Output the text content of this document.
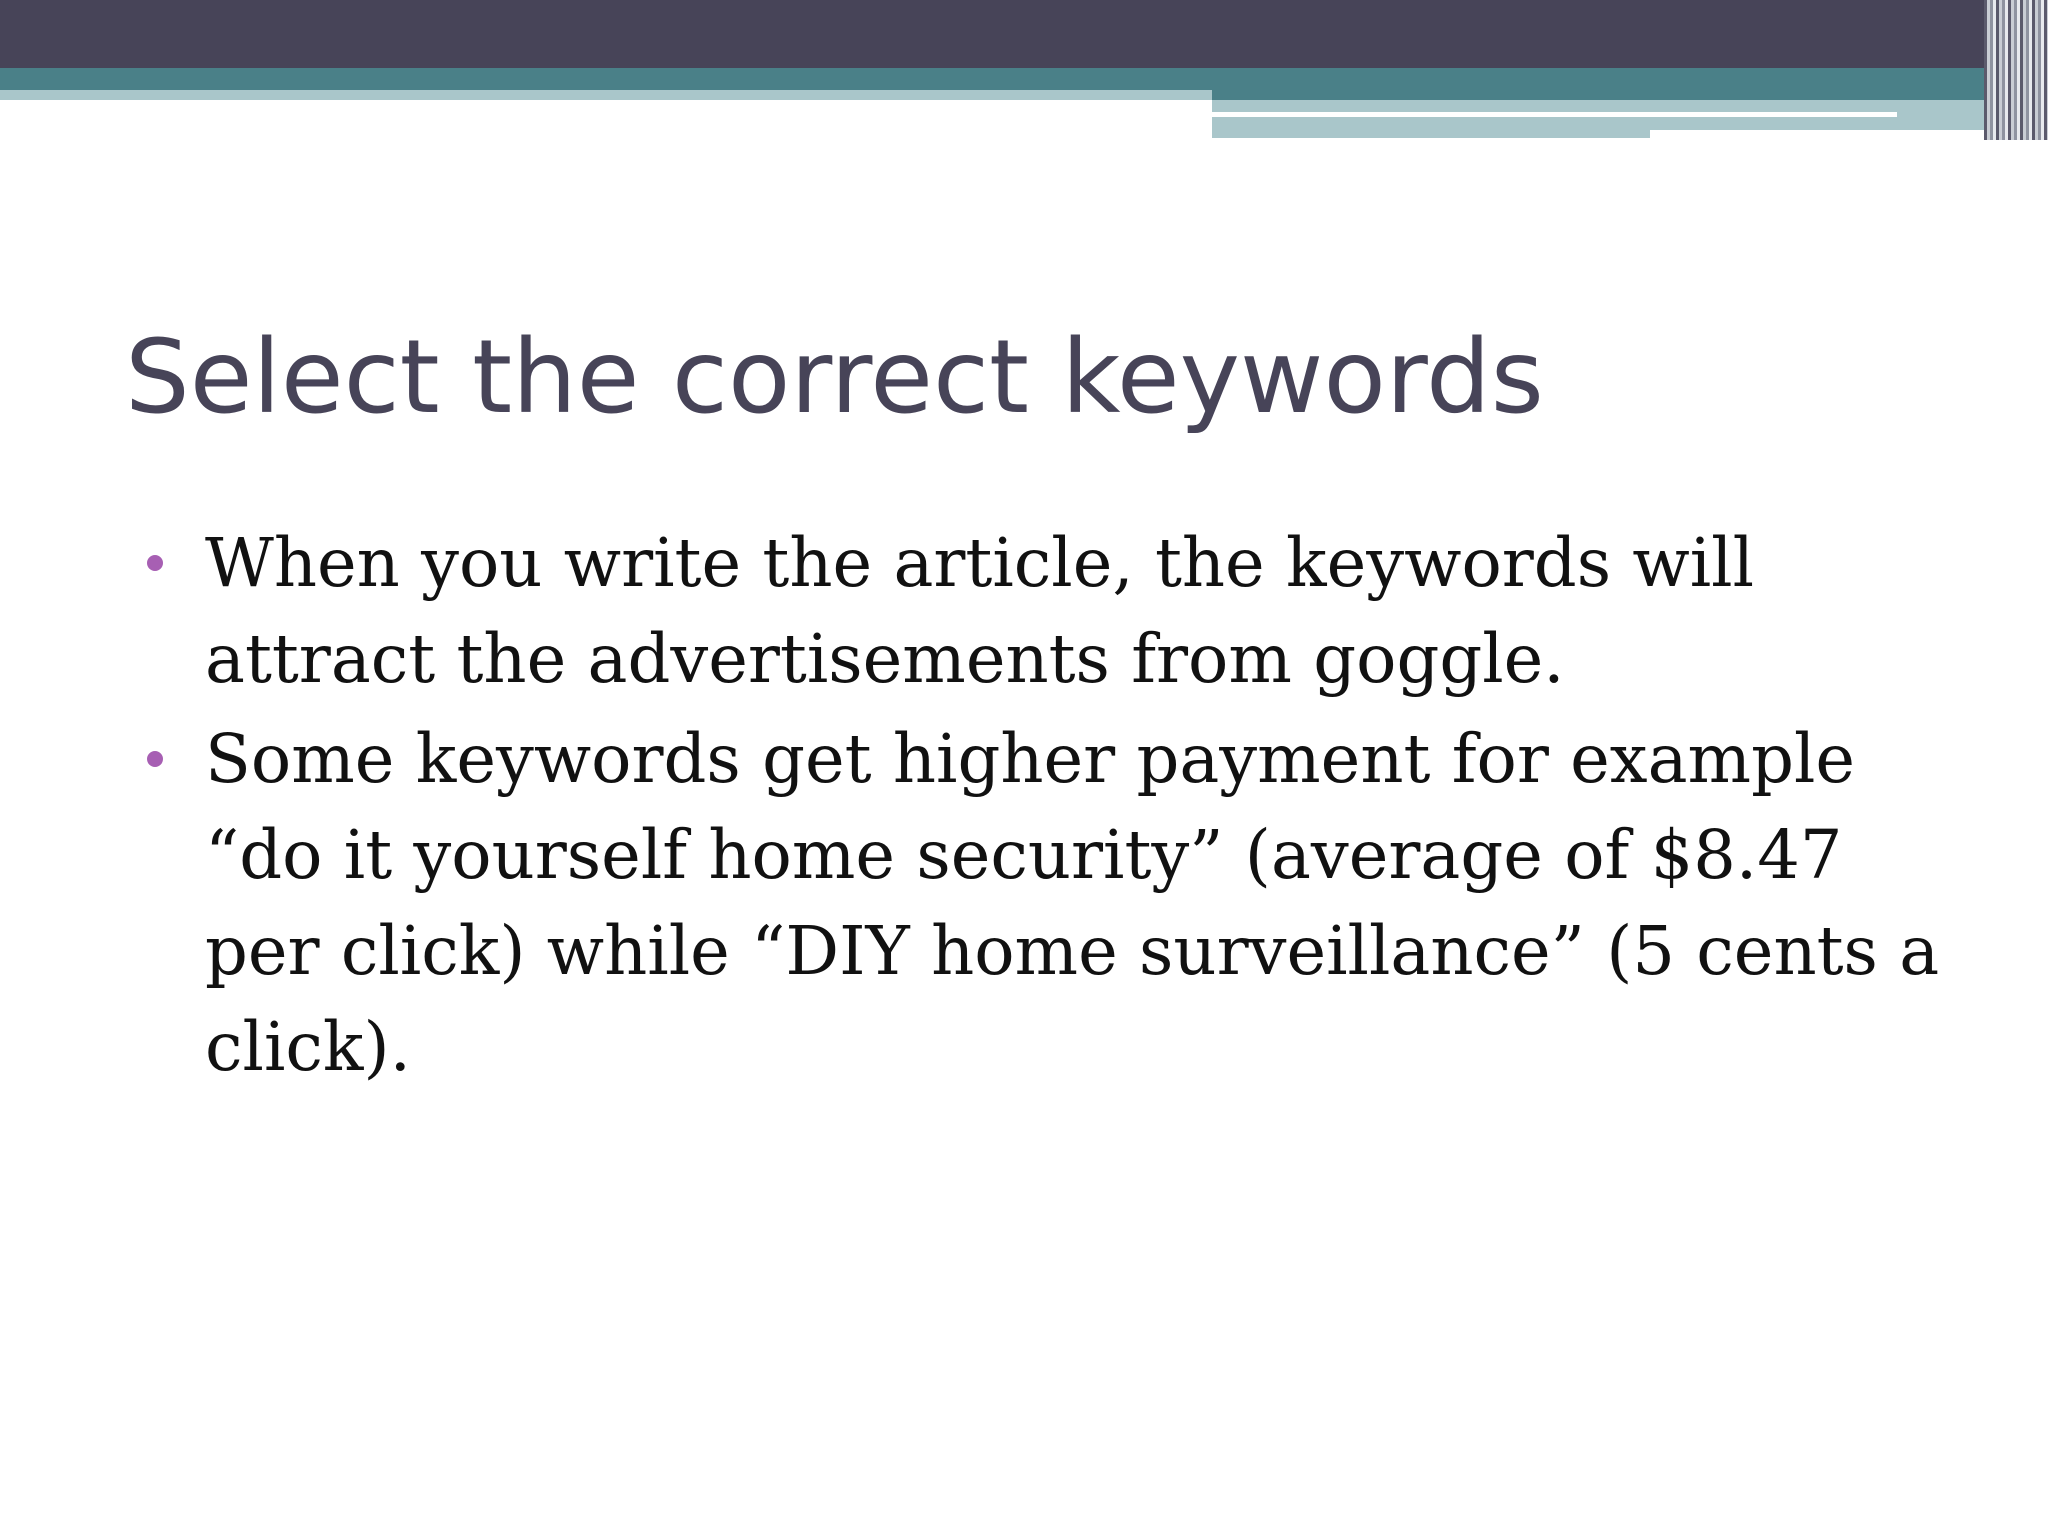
Select the correct keywords
When you write the article, the keywords will attract the advertisements from goggle.
Some keywords get higher payment for example “do it yourself home security” (average of $8.47 per click) while “DIY home surveillance” (5 cents a click).
